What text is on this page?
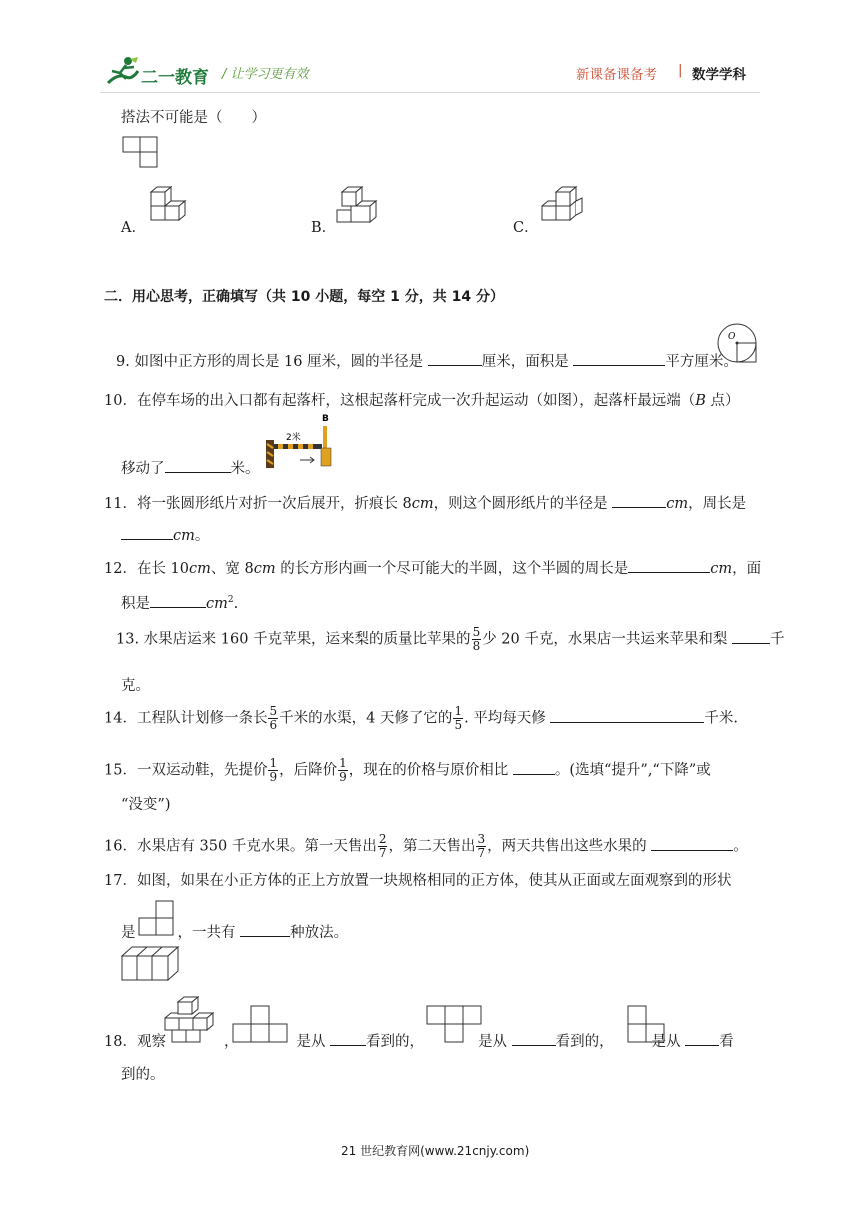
二一教育 / 让学习更有效	新课备课备考 | 数学学科
搭法不可能是（　　）
A．	B．	C．
二．用心思考，正确填写（共 10 小题，每空 1 分，共 14 分）
9. 如图中正方形的周长是 16 厘米，圆的半径是	厘米，面积是	平方厘米。
O
10．在停车场的出入口都有起落杆，这根起落杆完成一次升起运动（如图），起落杆最远端（B 点）
移动了	米。
B
2米
11．将一张圆形纸片对折一次后展开，折痕长 8cm，则这个圆形纸片的半径是	cm，周长是
cm。
12．在长 10cm、宽 8cm 的长方形内画一个尽可能大的半圆，这个半圆的周长是	cm，面
积是	$cm^2$.
13. 水果店运来 160 千克苹果，运来梨的质量比苹果的 $\frac{5}{8}$ 少 20 千克，水果店一共运来苹果和梨	千
克。
14．工程队计划修一条长 $\frac{5}{6}$ 千米的水渠，4 天修了它的 $\frac{1}{5}$ . 平均每天修	千米.
15．一双运动鞋，先提价 $\frac{1}{9}$ ，后降价 $\frac{1}{9}$ ，现在的价格与原价相比	。(选填“提升”,“下降”或
“没变”)
16．水果店有 350 千克水果。第一天售出 $\frac{2}{7}$ ，第二天售出 $\frac{3}{7}$ ，两天共售出这些水果的	。
17．如图，如果在小正方体的正上方放置一块规格相同的正方体，使其从正面或左面观察到的形状
是	，一共有	种放法。
18．观察	，	是从 看到的，	是从	看到的，	是从 看
到的。
21 世纪教育网(www.21cnjy.com)
